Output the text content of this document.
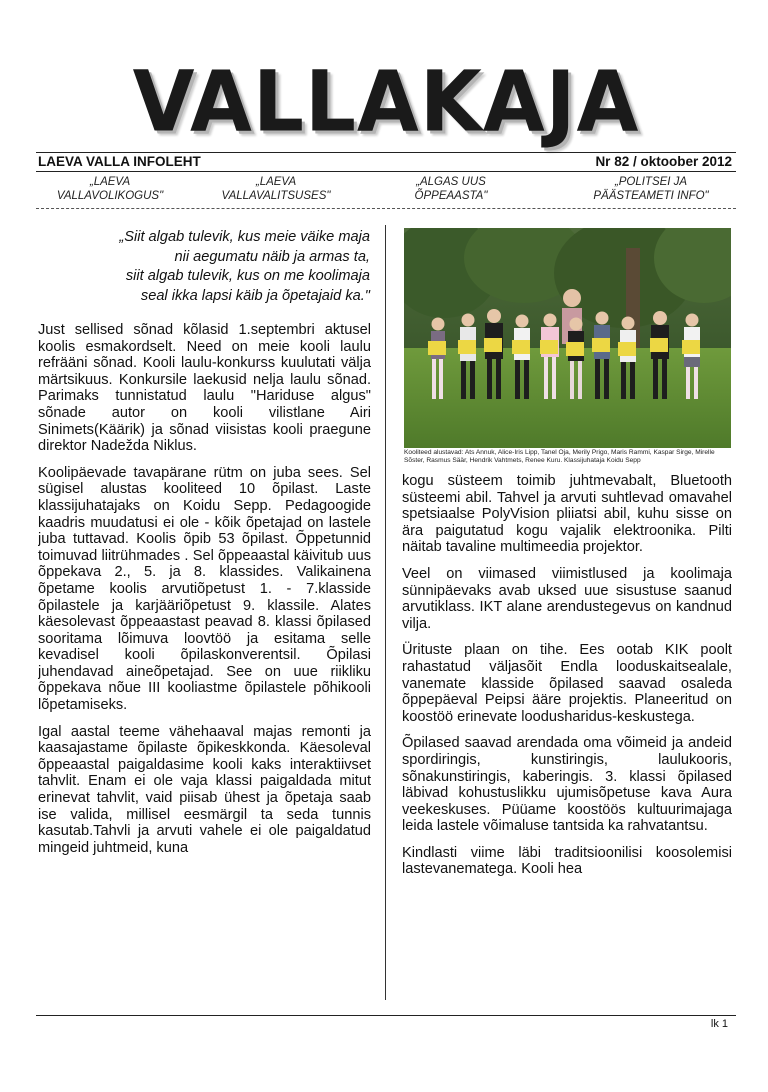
VALLAKAJA
LAEVA VALLA INFOLEHT	Nr 82 / oktoober 2012
„LAEVA
VALLAVOLIKOGUS"
„LAEVA
VALLAVALITSUSES"
„ALGAS UUS
ÕPPEAASTA"
„POLITSEI JA
PÄÄSTEAMETI INFO"
„Siit algab tulevik, kus meie väike maja
nii aegumatu näib ja armas ta,
siit algab tulevik, kus on me koolimaja
seal ikka lapsi käib ja õpetajaid ka."

Just sellised sõnad kõlasid 1.septembri aktusel koolis esmakordselt. Need on meie kooli laulu refrääni sõnad. Kooli laulu-konkurss kuulutati välja märtsikuus. Konkursile laekusid nelja laulu sõnad. Parimaks tunnistatud laulu "Hariduse algus" sõnade autor on kooli vilistlane Airi Sinimets(Käärik) ja sõnad viisistas kooli praegune direktor Nadežda Niklus.

Koolipäevade tavapärane rütm on juba sees. Sel sügisel alustas kooliteed 10 õpilast. Laste klassijuhatajaks on Koidu Sepp. Pedagoogide kaadris muudatusi ei ole - kõik õpetajad on lastele juba tuttavad. Koolis õpib 53 õpilast. Õppetunnid toimuvad liitrühmades . Sel õppeaastal käivitub uus õppekava 2., 5. ja 8. klassides. Valikainena õpetame koolis arvutiõpetust 1. - 7.klasside õpilastele ja karjääriõpetust 9. klassile. Alates käesolevast õppeaastast peavad 8. klassi õpilased sooritama lõimuva loovtöö ja esitama selle kevadisel kooli õpilaskonverentsil. Õpilasi juhendavad aineõpetajad. See on uue riikliku õppekava nõue III kooliastme õpilastele põhikooli lõpetamiseks.

Igal aastal teeme vähehaaval majas remonti ja kaasajastame õpilaste õpikeskkonda. Käesoleval õppeaastal paigaldasime kooli kaks interaktiivset tahvlit. Enam ei ole vaja klassi paigaldada mitut erinevat tahvlit, vaid piisab ühest ja õpetaja saab ise valida, millisel eesmärgil ta seda tunnis kasutab.Tahvli ja arvuti vahele ei ole paigaldatud mingeid juhtmeid, kuna

Kooliteed alustavad: Ats Annuk, Alice-Iris Lipp, Tanel Oja, Merily Prigo, Maris Rammi, Kaspar Sirge, Mirelle Sõster, Rasmus Säär, Hendrik Vahtmets, Renee Kuru. Klassijuhataja Koidu Sepp

kogu süsteem toimib juhtmevabalt, Bluetooth süsteemi abil. Tahvel ja arvuti suhtlevad omavahel spetsiaalse PolyVision pliiatsi abil, kuhu sisse on ära paigutatud kogu vajalik elektroonika. Pilti näitab tavaline multimeedia projektor.

Veel on viimased viimistlused ja koolimaja sünnipäevaks avab uksed uue sisustuse saanud arvutiklass. IKT alane arendustegevus on kandnud vilja.

Ürituste plaan on tihe. Ees ootab KIK poolt rahastatud väljasõit Endla looduskaitsealale, vanemate klasside õpilased saavad osaleda õppepäeval Peipsi ääre projektis. Planeeritud on koostöö erinevate loodusharidus-keskustega.

Õpilased saavad arendada oma võimeid ja andeid spordiringis, kunstiringis, laulukooris, sõnakunstiringis, kaberingis. 3. klassi õpilased läbivad kohustuslikku ujumisõpetuse kava Aura veekeskuses. Püüame koostöös kultuurimajaga leida lastele võimaluse tantsida ka rahvatantsu.

Kindlasti viime läbi traditsioonilisi koosolemisi lastevanematega. Kooli hea

lk 1
